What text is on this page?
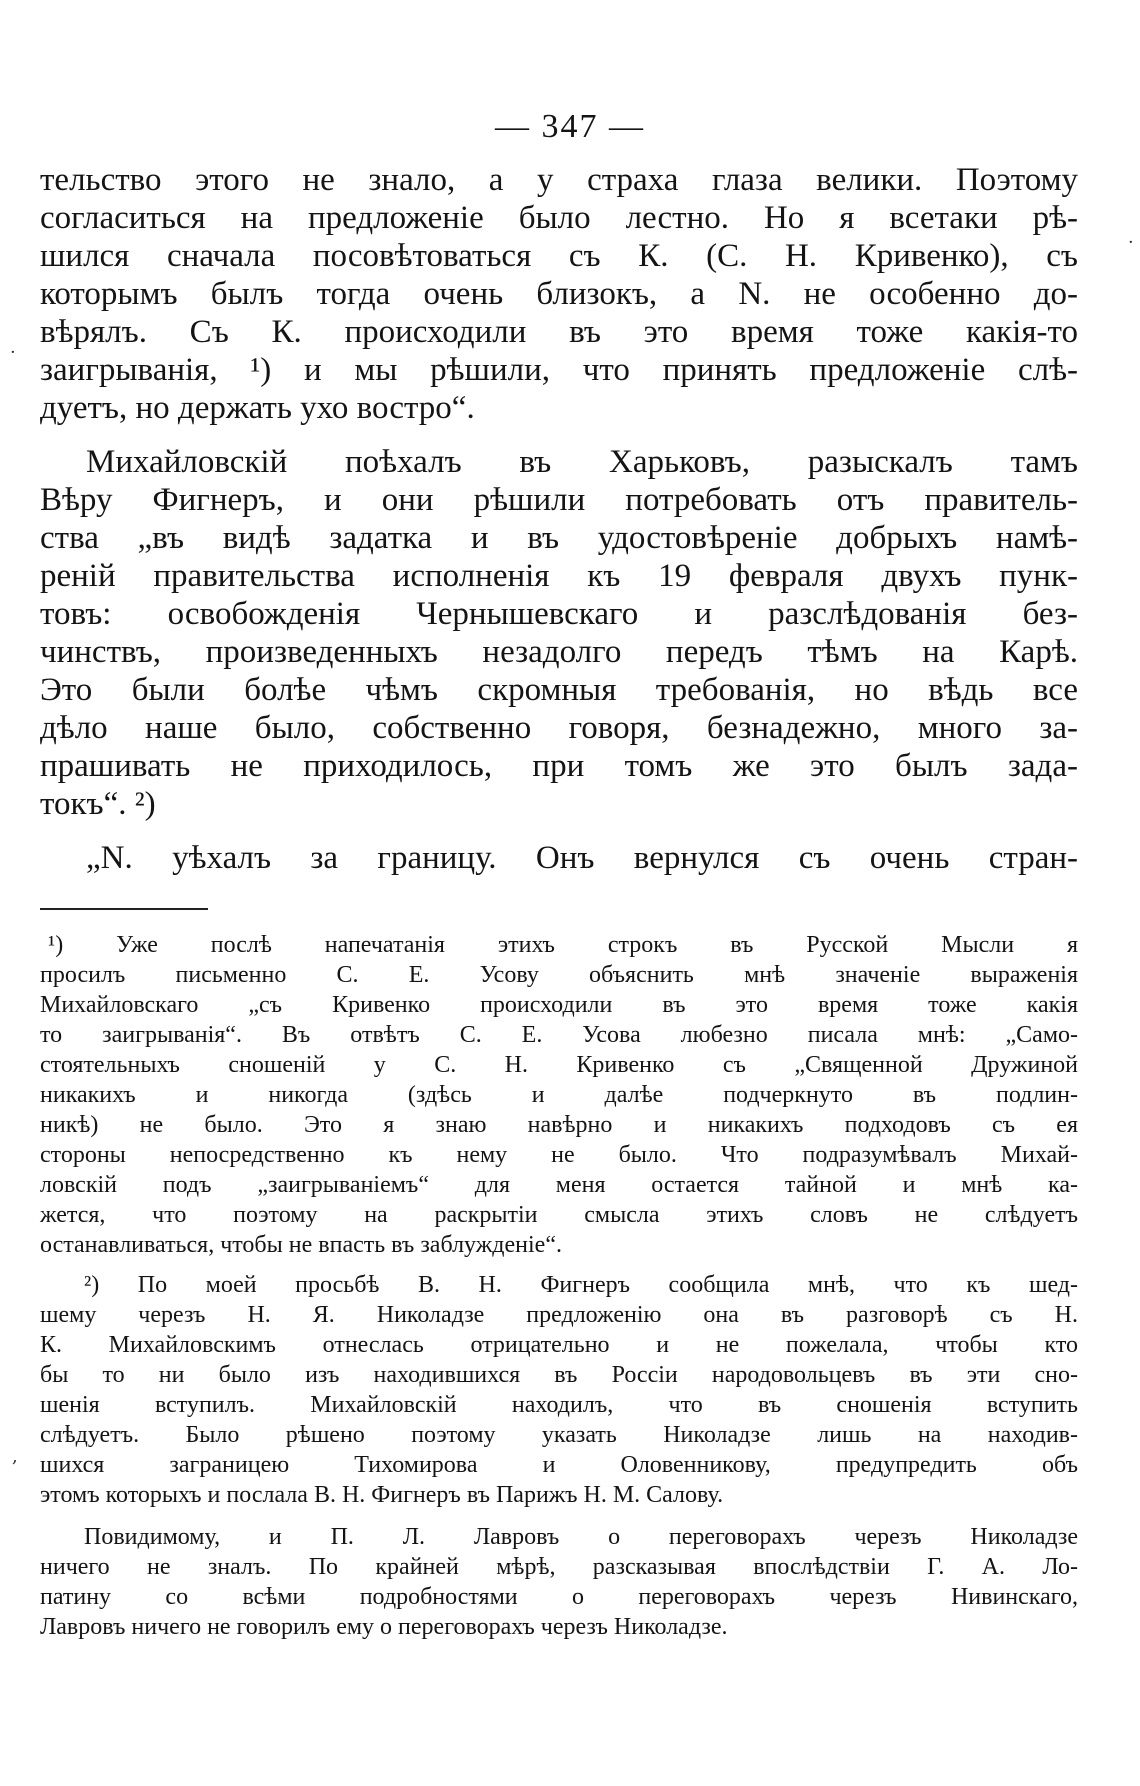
— 347 —
тельство этого не знало, а у страха глаза велики. Поэтому
согласиться на предложеніе было лестно. Но я всетаки рѣ-
шился сначала посовѣтоваться съ К. (С. Н. Кривенко), съ
которымъ былъ тогда очень близокъ, а N. не особенно до-
вѣрялъ. Съ К. происходили въ это время тоже какія-то
заигрыванія, ¹) и мы рѣшили, что принять предложеніе слѣ-
дуетъ, но держать ухо востро“.
Михайловскій поѣхалъ въ Харьковъ, разыскалъ тамъ
Вѣру Фигнеръ, и они рѣшили потребовать отъ правитель-
ства „въ видѣ задатка и въ удостовѣреніе добрыхъ намѣ-
реній правительства исполненія къ 19 февраля двухъ пунк-
товъ: освобожденія Чернышевскаго и разслѣдованія без-
чинствъ, произведенныхъ незадолго передъ тѣмъ на Карѣ.
Это были болѣе чѣмъ скромныя требованія, но вѣдь все
дѣло наше было, собственно говоря, безнадежно, много за-
прашивать не приходилось, при томъ же это былъ зада-
токъ“. ²)
„N. уѣхалъ за границу. Онъ вернулся съ очень стран-
¹) Уже послѣ напечатанія этихъ строкъ въ Русской Мысли я
просилъ письменно С. Е. Усову объяснить мнѣ значеніе выраженія
Михайловскаго „съ Кривенко происходили въ это время тоже какія
то заигрыванія“. Въ отвѣтъ С. Е. Усова любезно писала мнѣ: „Само-
стоятельныхъ сношеній у С. Н. Кривенко съ „Священной Дружиной
никакихъ и никогда (здѣсь и далѣе подчеркнуто въ подлин-
никѣ) не было. Это я знаю навѣрно и никакихъ подходовъ съ ея
стороны непосредственно къ нему не было. Что подразумѣвалъ Михай-
ловскій подъ „заигрываніемъ“ для меня остается тайной и мнѣ ка-
жется, что поэтому на раскрытіи смысла этихъ словъ не слѣдуетъ
останавливаться, чтобы не впасть въ заблужденіе“.
²) По моей просьбѣ В. Н. Фигнеръ сообщила мнѣ, что къ шед-
шему черезъ Н. Я. Николадзе предложенію она въ разговорѣ съ Н.
К. Михайловскимъ отнеслась отрицательно и не пожелала, чтобы кто
бы то ни было изъ находившихся въ Россіи народовольцевъ въ эти сно-
шенія вступилъ. Михайловскій находилъ, что въ сношенія вступить
слѣдуетъ. Было рѣшено поэтому указать Николадзе лишь на находив-
шихся заграницею Тихомирова и Оловенникову, предупредить объ
этомъ которыхъ и послала В. Н. Фигнеръ въ Парижъ Н. М. Салову.
Повидимому, и П. Л. Лавровъ о переговорахъ черезъ Николадзе
ничего не зналъ. По крайней мѣрѣ, разсказывая впослѣдствіи Г. А. Ло-
патину со всѣми подробностями о переговорахъ черезъ Нивинскаго,
Лавровъ ничего не говорилъ ему о переговорахъ черезъ Николадзе.
·
·
,
